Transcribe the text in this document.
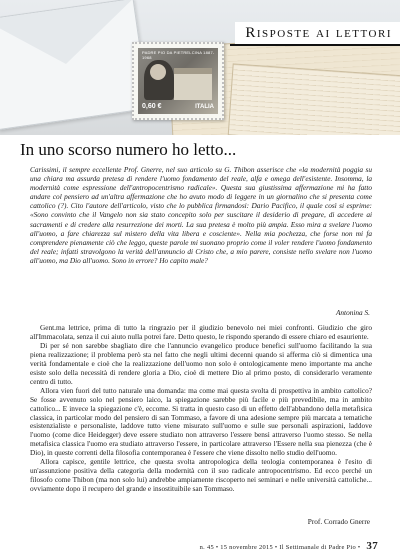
PADRE PIO DA PIETRELCINA 1887-1968
0,60 €	ITALIA
Risposte ai lettori
In uno scorso numero ho letto...

Carissimi, il sempre eccellente Prof. Gnerre, nel suo articolo su G. Thibon asserisce che «la modernità poggia su una chiara ma assurda pretesa di rendere l'uomo fondamento del reale, alfa e omega dell'esistente. Insomma, la modernità come espressione dell'antropocentrismo radicale». Questa sua giustissima affermazione mi ha fatto andare col pensiero ad un'altra affermazione che ho avuto modo di leggere in un giornalino che si presenta come cattolico (?). Cito l'autore dell'articolo, visto che lo pubblica firmandosi: Dario Pacifico, il quale così si esprime: «Sono convinto che il Vangelo non sia stato concepito solo per suscitare il desiderio di pregare, di accedere ai sacramenti e di credere alla resurrezione dei morti. La sua pretesa è molto più ampia. Esso mira a svelare l'uomo all'uomo, a fare chiarezza sul mistero della vita libera e cosciente». Nella mia pochezza, che forse non mi fa comprendere pienamente ciò che leggo, queste parole mi suonano proprio come il voler rendere l'uomo fondamento del reale; infatti stravolgono la verità dell'annuncio di Cristo che, a mio parere, consiste nello svelare non l'uomo all'uomo, ma Dio all'uomo. Sono in errore? Ho capito male?

Antonina S.

Gent.ma lettrice, prima di tutto la ringrazio per il giudizio benevolo nei miei confronti. Giudizio che giro all'Immacolata, senza il cui aiuto nulla potrei fare. Detto questo, le rispondo sperando di essere chiaro ed esauriente.

Di per sé non sarebbe sbagliato dire che l'annuncio evangelico produce benefici sull'uomo facilitando la sua piena realizzazione; il problema però sta nel fatto che negli ultimi decenni quando si afferma ciò si dimentica una verità fondamentale e cioè che la realizzazione dell'uomo non solo è ontologicamente meno importante ma anche esiste solo della necessità di rendere gloria a Dio, cioè di mettere Dio al primo posto, di considerarlo veramente centro di tutto.

Allora vien fuori del tutto naturale una domanda: ma come mai questa svolta di prospettiva in ambito cattolico? Se fosse avvenuto solo nel pensiero laico, la spiegazione sarebbe più facile e più prevedibile, ma in ambito cattolico... E invece la spiegazione c'è, eccome. Si tratta in questo caso di un effetto dell'abbandono della metafisica classica, in particolar modo del pensiero di san Tommaso, a favore di una adesione sempre più marcata a tematiche esistenzialiste e personaliste, laddove tutto viene misurato sull'uomo e sulle sue personali aspirazioni, laddove l'uomo (come dice Heidegger) deve essere studiato non attraverso l'essere bensì attraverso l'uomo stesso. Se nella metafisica classica l'uomo era studiato attraverso l'essere, in particolare attraverso l'Essere nella sua pienezza (che è Dio), in queste correnti della filosofia contemporanea è l'essere che viene dissolto nello studio dell'uomo.

Allora capisce, gentile lettrice, che questa svolta antropologica della teologia contemporanea è l'esito di un'assunzione positiva della categoria della modernità con il suo radicale antropocentrismo. Ed ecco perché un filosofo come Thibon (ma non solo lui) andrebbe ampiamente riscoperto nei seminari e nelle università cattoliche... ovviamente dopo il recupero del grande e insostituibile san Tommaso.

Prof. Corrado Gnerre
n. 45 • 15 novembre 2015 • Il Settimanale di Padre Pio • 37
